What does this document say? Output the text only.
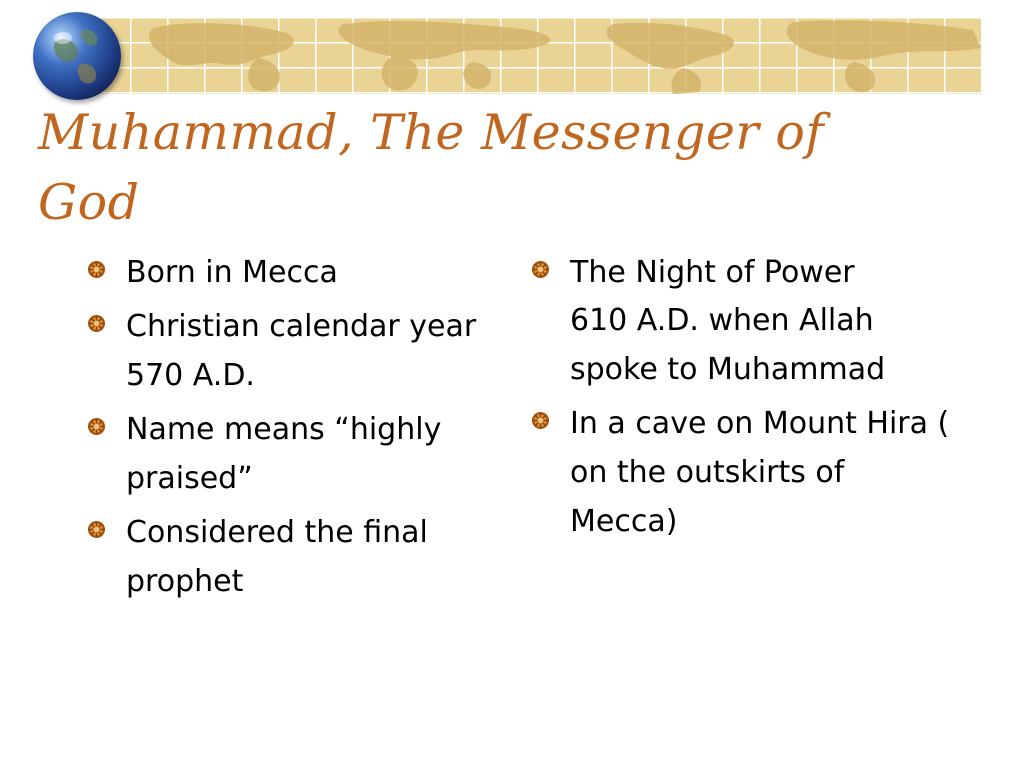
Muhammad, The Messenger of God
Born in Mecca
Christian calendar year 570 A.D.
Name means “highly praised”
Considered the final prophet
The Night of Power
610 A.D. when Allah spoke to Muhammad
In a cave on Mount Hira ( on the outskirts of Mecca)
